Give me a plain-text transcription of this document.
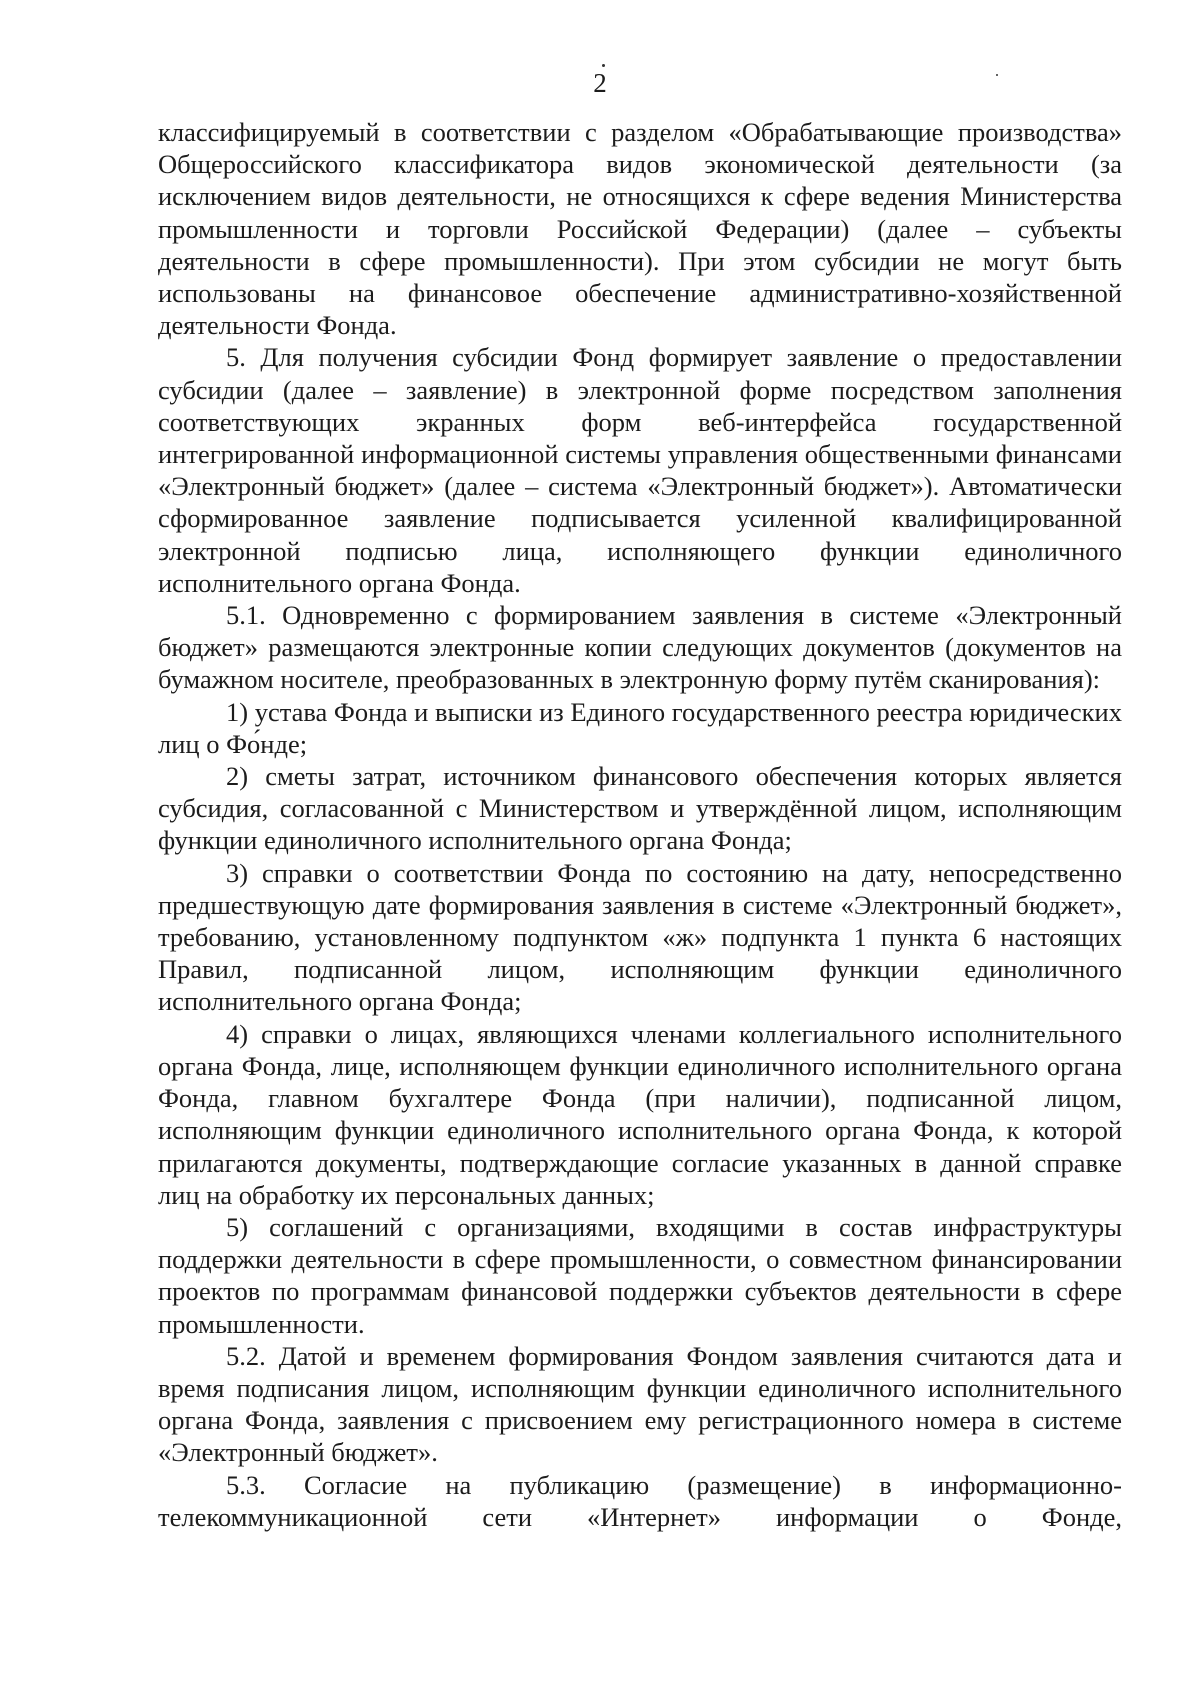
2

классифицируемый в соответствии с разделом «Обрабатывающие производства» Общероссийского классификатора видов экономической деятельности (за исключением видов деятельности, не относящихся к сфере ведения Министерства промышленности и торговли Российской Федерации) (далее – субъекты деятельности в сфере промышленности). При этом субсидии не могут быть использованы на финансовое обеспечение административно-хозяйственной деятельности Фонда.

5. Для получения субсидии Фонд формирует заявление о предоставлении субсидии (далее – заявление) в электронной форме посредством заполнения соответствующих экранных форм веб-интерфейса государственной интегрированной информационной системы управления общественными финансами «Электронный бюджет» (далее – система «Электронный бюджет»). Автоматически сформированное заявление подписывается усиленной квалифицированной электронной подписью лица, исполняющего функции единоличного исполнительного органа Фонда.

5.1. Одновременно с формированием заявления в системе «Электронный бюджет» размещаются электронные копии следующих документов (документов на бумажном носителе, преобразованных в электронную форму путём сканирования):

1) устава Фонда и выписки из Единого государственного реестра юридических лиц о Фо́нде;

2) сметы затрат, источником финансового обеспечения которых является субсидия, согласованной с Министерством и утверждённой лицом, исполняющим функции единоличного исполнительного органа Фонда;

3) справки о соответствии Фонда по состоянию на дату, непосредственно предшествующую дате формирования заявления в системе «Электронный бюджет», требованию, установленному подпунктом «ж» подпункта 1 пункта 6 настоящих Правил, подписанной лицом, исполняющим функции единоличного исполнительного органа Фонда;

4) справки о лицах, являющихся членами коллегиального исполнительного органа Фонда, лице, исполняющем функции единоличного исполнительного органа Фонда, главном бухгалтере Фонда (при наличии), подписанной лицом, исполняющим функции единоличного исполнительного органа Фонда, к которой прилагаются документы, подтверждающие согласие указанных в данной справке лиц на обработку их персональных данных;

5) соглашений с организациями, входящими в состав инфраструктуры поддержки деятельности в сфере промышленности, о совместном финансировании проектов по программам финансовой поддержки субъектов деятельности в сфере промышленности.

5.2. Датой и временем формирования Фондом заявления считаются дата и время подписания лицом, исполняющим функции единоличного исполнительного органа Фонда, заявления с присвоением ему регистрационного номера в системе «Электронный бюджет».

5.3. Согласие на публикацию (размещение) в информационно-телекоммуникационной сети «Интернет» информации о Фонде,
